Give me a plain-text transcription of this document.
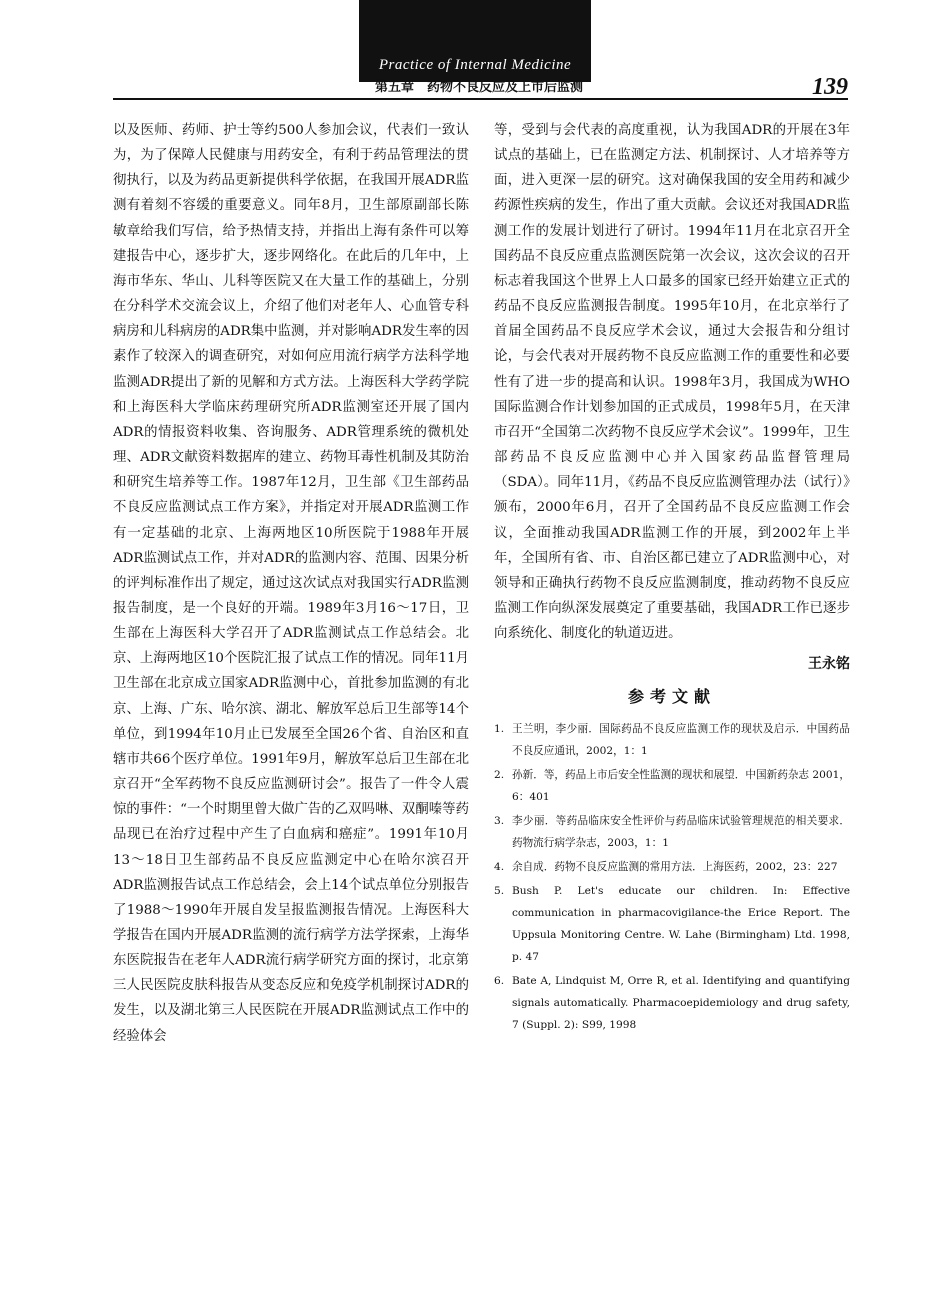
Practice of Internal Medicine
第五章　药物不良反应及上市后监测	139

以及医师、药师、护士等约500人参加会议，代表们一致认为，为了保障人民健康与用药安全，有利于药品管理法的贯彻执行，以及为药品更新提供科学依据，在我国开展ADR监测有着刻不容缓的重要意义。同年8月，卫生部原副部长陈敏章给我们写信，给予热情支持，并指出上海有条件可以筹建报告中心，逐步扩大，逐步网络化。在此后的几年中，上海市华东、华山、儿科等医院又在大量工作的基础上，分别在分科学术交流会议上，介绍了他们对老年人、心血管专科病房和儿科病房的ADR集中监测，并对影响ADR发生率的因素作了较深入的调查研究，对如何应用流行病学方法科学地监测ADR提出了新的见解和方式方法。上海医科大学药学院和上海医科大学临床药理研究所ADR监测室还开展了国内ADR的情报资料收集、咨询服务、ADR管理系统的微机处理、ADR文献资料数据库的建立、药物耳毒性机制及其防治和研究生培养等工作。1987年12月，卫生部《卫生部药品不良反应监测试点工作方案》，并指定对开展ADR监测工作有一定基础的北京、上海两地区10所医院于1988年开展ADR监测试点工作，并对ADR的监测内容、范围、因果分析的评判标准作出了规定，通过这次试点对我国实行ADR监测报告制度，是一个良好的开端。1989年3月16～17日，卫生部在上海医科大学召开了ADR监测试点工作总结会。北京、上海两地区10个医院汇报了试点工作的情况。同年11月卫生部在北京成立国家ADR监测中心，首批参加监测的有北京、上海、广东、哈尔滨、湖北、解放军总后卫生部等14个单位，到1994年10月止已发展至全国26个省、自治区和直辖市共66个医疗单位。1991年9月，解放军总后卫生部在北京召开“全军药物不良反应监测研讨会”。报告了一件令人震惊的事件：“一个时期里曾大做广告的乙双吗啉、双酮嗪等药品现已在治疗过程中产生了白血病和癌症”。1991年10月13～18日卫生部药品不良反应监测定中心在哈尔滨召开ADR监测报告试点工作总结会，会上14个试点单位分别报告了1988～1990年开展自发呈报监测报告情况。上海医科大学报告在国内开展ADR监测的流行病学方法学探索，上海华东医院报告在老年人ADR流行病学研究方面的探讨，北京第三人民医院皮肤科报告从变态反应和免疫学机制探讨ADR的发生，以及湖北第三人民医院在开展ADR监测试点工作中的经验体会

等，受到与会代表的高度重视，认为我国ADR的开展在3年试点的基础上，已在监测定方法、机制探讨、人才培养等方面，进入更深一层的研究。这对确保我国的安全用药和减少药源性疾病的发生，作出了重大贡献。会议还对我国ADR监测工作的发展计划进行了研讨。1994年11月在北京召开全国药品不良反应重点监测医院第一次会议，这次会议的召开标志着我国这个世界上人口最多的国家已经开始建立正式的药品不良反应监测报告制度。1995年10月，在北京举行了首届全国药品不良反应学术会议，通过大会报告和分组讨论，与会代表对开展药物不良反应监测工作的重要性和必要性有了进一步的提高和认识。1998年3月，我国成为WHO国际监测合作计划参加国的正式成员，1998年5月，在天津市召开“全国第二次药物不良反应学术会议”。1999年，卫生部药品不良反应监测中心并入国家药品监督管理局（SDA）。同年11月，《药品不良反应监测管理办法（试行）》颁布，2000年6月，召开了全国药品不良反应监测工作会议，全面推动我国ADR监测工作的开展，到2002年上半年，全国所有省、市、自治区都已建立了ADR监测中心，对领导和正确执行药物不良反应监测制度，推动药物不良反应监测工作向纵深发展奠定了重要基础，我国ADR工作已逐步向系统化、制度化的轨道迈进。

王永铭
参考文献
1. 王兰明，李少丽．国际药品不良反应监测工作的现状及启示．中国药品不良反应通讯，2002，1：1
2. 孙新．等，药品上市后安全性监测的现状和展望．中国新药杂志 2001，6：401
3. 李少丽．等药品临床安全性评价与药品临床试验管理规范的相关要求．药物流行病学杂志，2003，1：1
4. 余自成．药物不良反应监测的常用方法．上海医药，2002，23：227
5. Bush P. Let's educate our children. In: Effective communication in pharmacovigilance-the Erice Report. The Uppsula Monitoring Centre. W. Lahe (Birmingham) Ltd. 1998, p. 47
6. Bate A, Lindquist M, Orre R, et al. Identifying and quantifying signals automatically. Pharmacoepidemiology and drug safety, 7 (Suppl. 2): S99, 1998
